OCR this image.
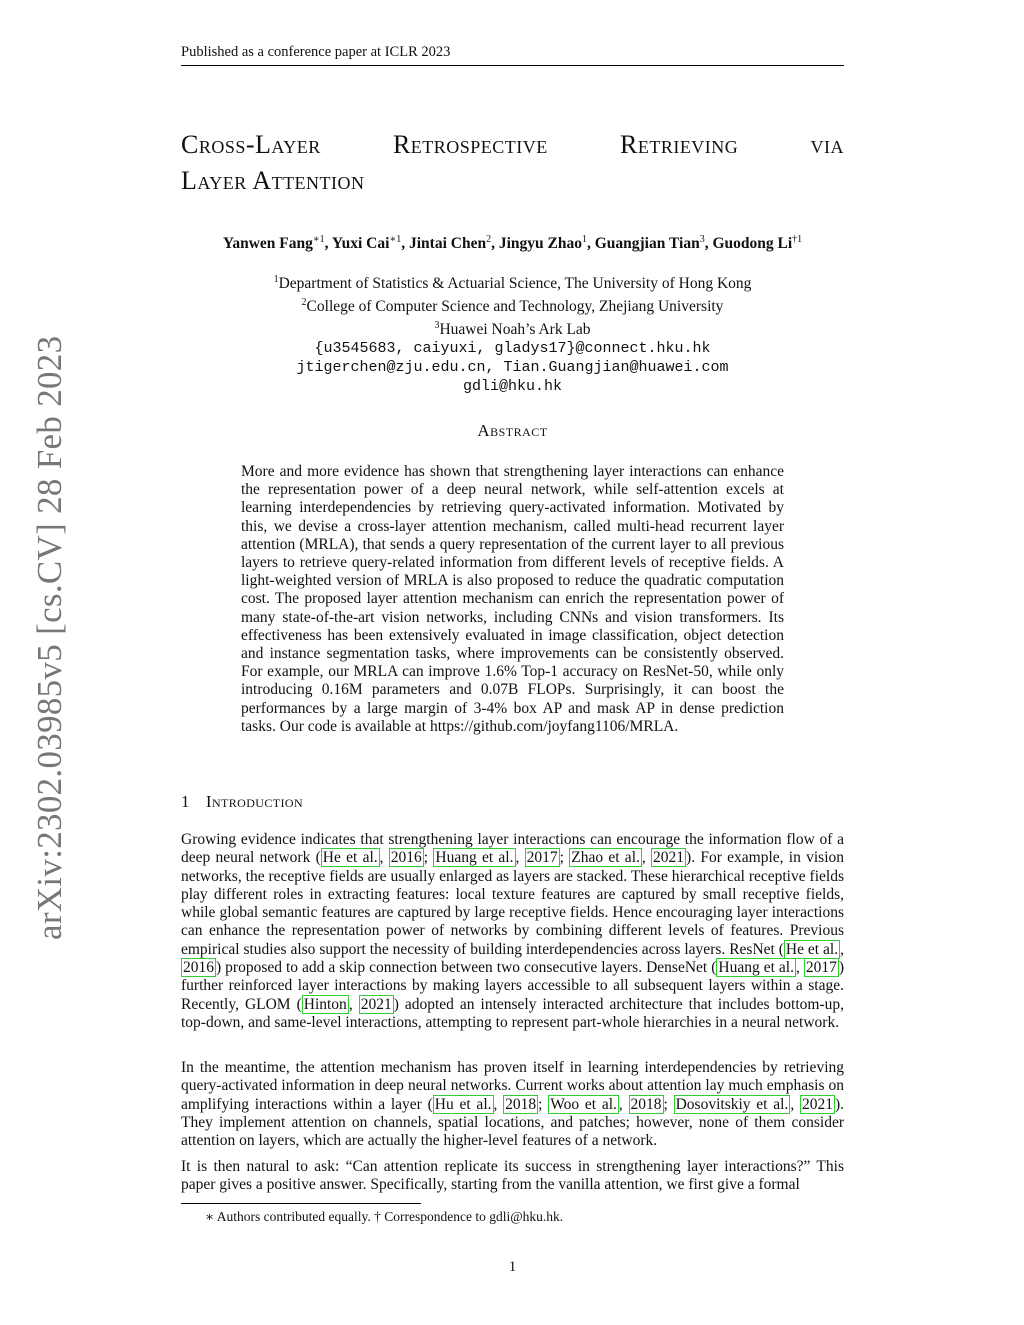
Published as a conference paper at ICLR 2023
arXiv:2302.03985v5 [cs.CV] 28 Feb 2023
Cross-Layer Retrospective Retrieving via
Layer Attention
Yanwen Fang$^{∗1}$, Yuxi Cai$^{∗1}$, Jintai Chen$^2$, Jingyu Zhao$^1$, Guangjian Tian$^3$, Guodong Li$^{\dagger 1}$
$^1$Department of Statistics & Actuarial Science, The University of Hong Kong
$^2$College of Computer Science and Technology, Zhejiang University
$^3$Huawei Noah’s Ark Lab
{u3545683, caiyuxi, gladys17}@connect.hku.hk
jtigerchen@zju.edu.cn, Tian.Guangjian@huawei.com
gdli@hku.hk
Abstract
More and more evidence has shown that strengthening layer interactions can enhance the representation power of a deep neural network, while self-attention excels at learning interdependencies by retrieving query-activated information. Motivated by this, we devise a cross-layer attention mechanism, called multi-head recurrent layer attention (MRLA), that sends a query representation of the current layer to all previous layers to retrieve query-related information from different levels of receptive fields. A light-weighted version of MRLA is also proposed to reduce the quadratic computation cost. The proposed layer attention mechanism can enrich the representation power of many state-of-the-art vision networks, including CNNs and vision transformers. Its effectiveness has been extensively evaluated in image classification, object detection and instance segmentation tasks, where improvements can be consistently observed. For example, our MRLA can improve 1.6% Top-1 accuracy on ResNet-50, while only introducing 0.16M parameters and 0.07B FLOPs. Surprisingly, it can boost the performances by a large margin of 3-4% box AP and mask AP in dense prediction tasks. Our code is available at https://github.com/joyfang1106/MRLA.
1 Introduction
Growing evidence indicates that strengthening layer interactions can encourage the information flow of a deep neural network ( He et al. , 2016 ; Huang et al. , 2017 ; Zhao et al. , 2021 ). For example, in vision networks, the receptive fields are usually enlarged as layers are stacked. These hierarchical receptive fields play different roles in extracting features: local texture features are captured by small receptive fields, while global semantic features are captured by large receptive fields. Hence encouraging layer interactions can enhance the representation power of networks by combining different levels of features. Previous empirical studies also support the necessity of building interdependencies across layers. ResNet ( He et al. , 2016 ) proposed to add a skip connection between two consecutive layers. DenseNet ( Huang et al. , 2017 ) further reinforced layer interactions by making layers accessible to all subsequent layers within a stage. Recently, GLOM ( Hinton , 2021 ) adopted an intensely interacted architecture that includes bottom-up, top-down, and same-level interactions, attempting to represent part-whole hierarchies in a neural network.
In the meantime, the attention mechanism has proven itself in learning interdependencies by retrieving query-activated information in deep neural networks. Current works about attention lay much emphasis on amplifying interactions within a layer ( Hu et al. , 2018 ; Woo et al. , 2018 ; Dosovitskiy et al. , 2021 ). They implement attention on channels, spatial locations, and patches; however, none of them consider attention on layers, which are actually the higher-level features of a network.
It is then natural to ask: “Can attention replicate its success in strengthening layer interactions?” This paper gives a positive answer. Specifically, starting from the vanilla attention, we first give a formal
∗ Authors contributed equally. † Correspondence to gdli@hku.hk.
1
